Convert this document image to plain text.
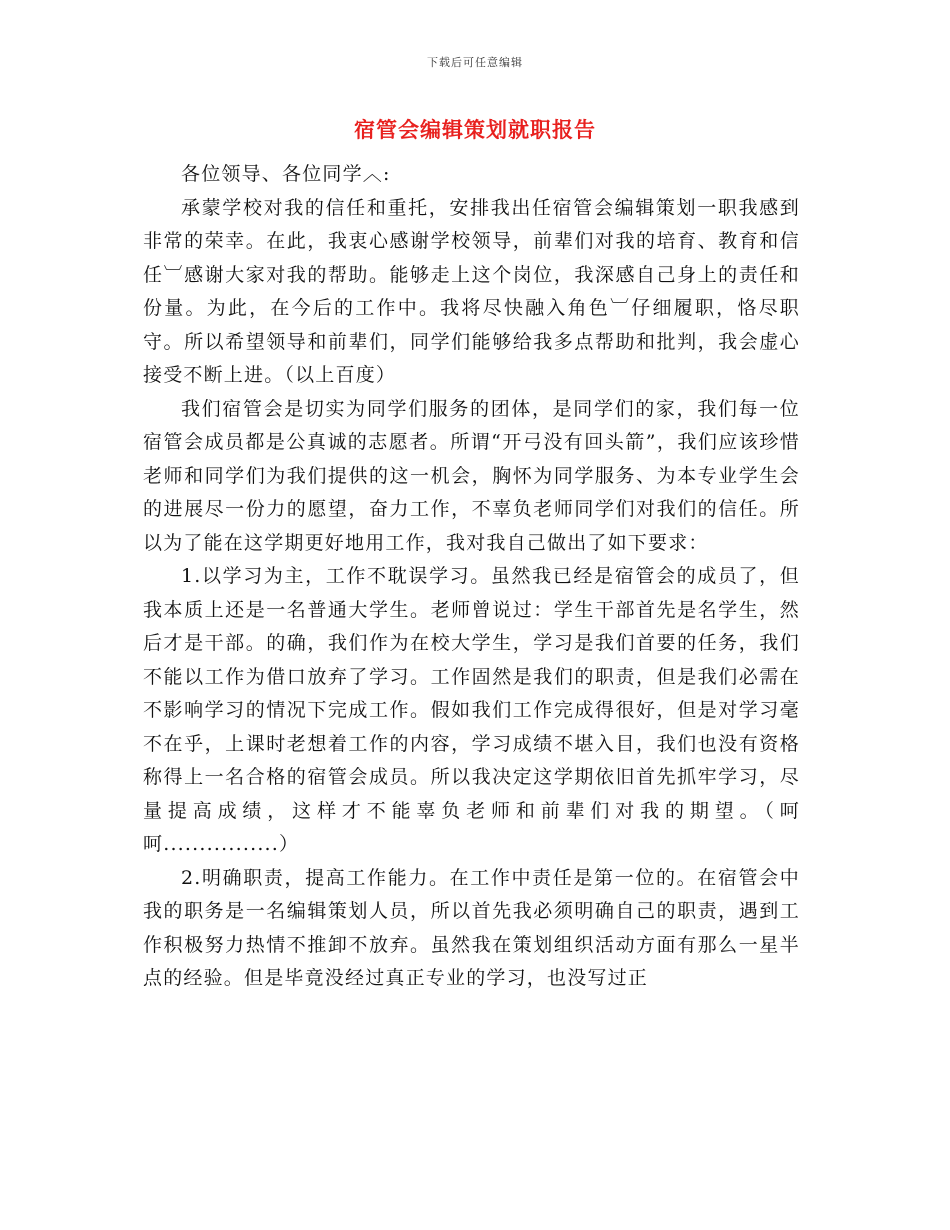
下载后可任意编辑
宿管会编辑策划就职报告

各位领导、各位同学︿:

承蒙学校对我的信任和重托，安排我出任宿管会编辑策划一职我感到非常的荣幸。在此，我衷心感谢学校领导，前辈们对我的培育、教育和信任︺感谢大家对我的帮助。能够走上这个岗位，我深感自己身上的责任和份量。为此，在今后的工作中。我将尽快融入角色︺仔细履职，恪尽职守。所以希望领导和前辈们，同学们能够给我多点帮助和批判，我会虚心接受不断上进。（以上百度）

我们宿管会是切实为同学们服务的团体，是同学们的家，我们每一位宿管会成员都是公真诚的志愿者。所谓“开弓没有回头箭”，我们应该珍惜老师和同学们为我们提供的这一机会，胸怀为同学服务、为本专业学生会的进展尽一份力的愿望，奋力工作，不辜负老师同学们对我们的信任。所以为了能在这学期更好地用工作，我对我自己做出了如下要求：

1.以学习为主，工作不耽误学习。虽然我已经是宿管会的成员了，但我本质上还是一名普通大学生。老师曾说过：学生干部首先是名学生，然后才是干部。的确，我们作为在校大学生，学习是我们首要的任务，我们不能以工作为借口放弃了学习。工作固然是我们的职责，但是我们必需在不影响学习的情况下完成工作。假如我们工作完成得很好，但是对学习毫不在乎，上课时老想着工作的内容，学习成绩不堪入目，我们也没有资格称得上一名合格的宿管会成员。所以我决定这学期依旧首先抓牢学习，尽量提高成绩，这样才不能辜负老师和前辈们对我的期望。（呵呵................）

2.明确职责，提高工作能力。在工作中责任是第一位的。在宿管会中我的职务是一名编辑策划人员，所以首先我必须明确自己的职责，遇到工作积极努力热情不推卸不放弃。虽然我在策划组织活动方面有那么一星半点的经验。但是毕竟没经过真正专业的学习，也没写过正
